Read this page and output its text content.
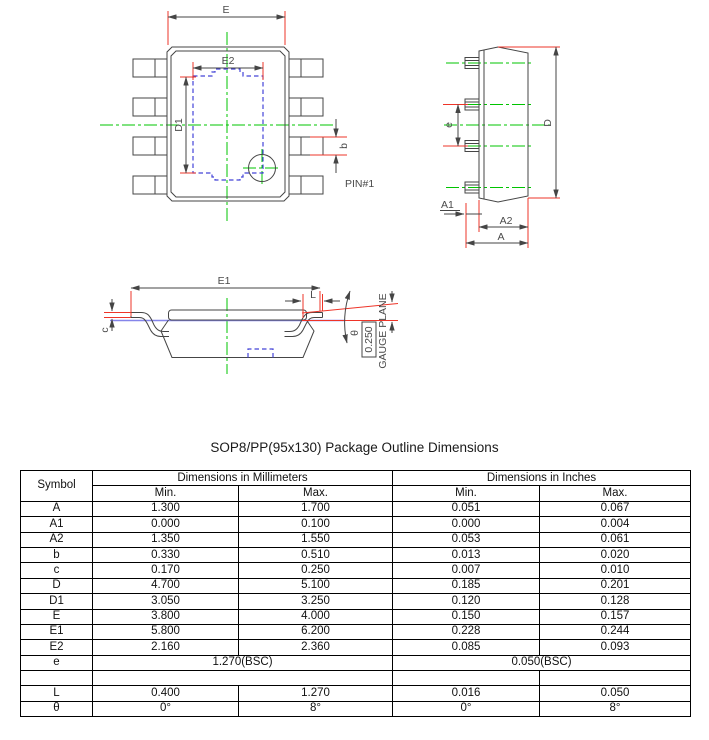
E
E2
D1
b
PIN#1
D
e
A1
A2
A
E1
L
c
θ 0.250 GAUGE PLANE
SOP8/PP(95x130) Package Outline Dimensions
Symbol	Dimensions in Millimeters		Dimensions in Inches	
	Min.	Max.	Min.	Max.
A	1.300	1.700	0.051	0.067
A1	0.000	0.100	0.000	0.004
A2	1.350	1.550	0.053	0.061
b	0.330	0.510	0.013	0.020
c	0.170	0.250	0.007	0.010
D	4.700	5.100	0.185	0.201
D1	3.050	3.250	0.120	0.128
E	3.800	4.000	0.150	0.157
E1	5.800	6.200	0.228	0.244
E2	2.160	2.360	0.085	0.093
e	1.270(BSC)		0.050(BSC)	

L	0.400	1.270	0.016	0.050
θ	0°	8°	0°	8°
